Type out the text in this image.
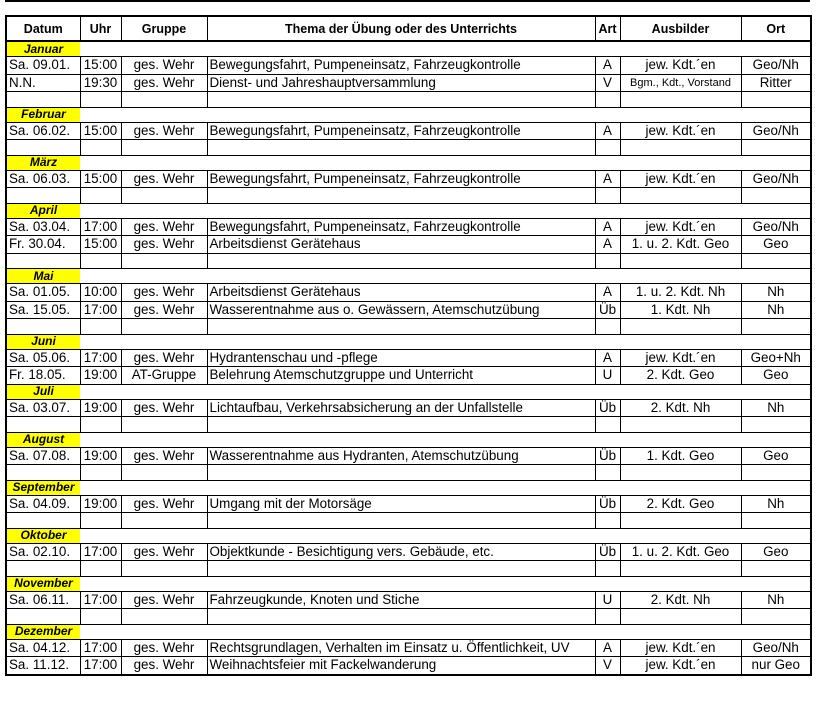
Datum	Uhr	Gruppe	Thema der Übung oder des Unterrichts	Art	Ausbilder	Ort
Januar						
Sa. 09.01.	15:00	ges. Wehr	Bewegungsfahrt, Pumpeneinsatz, Fahrzeugkontrolle	A	jew. Kdt.´en	Geo/Nh
N.N.	19:30	ges. Wehr	Dienst- und Jahreshauptversammlung	V	Bgm., Kdt., Vorstand	Ritter

Februar						
Sa. 06.02.	15:00	ges. Wehr	Bewegungsfahrt, Pumpeneinsatz, Fahrzeugkontrolle	A	jew. Kdt.´en	Geo/Nh

März						
Sa. 06.03.	15:00	ges. Wehr	Bewegungsfahrt, Pumpeneinsatz, Fahrzeugkontrolle	A	jew. Kdt.´en	Geo/Nh

April						
Sa. 03.04.	17:00	ges. Wehr	Bewegungsfahrt, Pumpeneinsatz, Fahrzeugkontrolle	A	jew. Kdt.´en	Geo/Nh
Fr. 30.04.	15:00	ges. Wehr	Arbeitsdienst Gerätehaus	A	1. u. 2. Kdt. Geo	Geo

Mai						
Sa. 01.05.	10:00	ges. Wehr	Arbeitsdienst Gerätehaus	A	1. u. 2. Kdt. Nh	Nh
Sa. 15.05.	17:00	ges. Wehr	Wasserentnahme aus o. Gewässern, Atemschutzübung	Üb	1. Kdt. Nh	Nh

Juni						
Sa. 05.06.	17:00	ges. Wehr	Hydrantenschau und -pflege	A	jew. Kdt.´en	Geo+Nh
Fr. 18.05.	19:00	AT-Gruppe	Belehrung Atemschutzgruppe und Unterricht	U	2. Kdt. Geo	Geo
Juli						
Sa. 03.07.	19:00	ges. Wehr	Lichtaufbau, Verkehrsabsicherung an der Unfallstelle	Üb	2. Kdt. Nh	Nh

August						
Sa. 07.08.	19:00	ges. Wehr	Wasserentnahme aus Hydranten, Atemschutzübung	Üb	1. Kdt. Geo	Geo

September						
Sa. 04.09.	19:00	ges. Wehr	Umgang mit der Motorsäge	Üb	2. Kdt. Geo	Nh

Oktober						
Sa. 02.10.	17:00	ges. Wehr	Objektkunde - Besichtigung vers. Gebäude, etc.	Üb	1. u. 2. Kdt. Geo	Geo

November						
Sa. 06.11.	17:00	ges. Wehr	Fahrzeugkunde, Knoten und Stiche	U	2. Kdt. Nh	Nh

Dezember						
Sa. 04.12.	17:00	ges. Wehr	Rechtsgrundlagen, Verhalten im Einsatz u. Öffentlichkeit, UV	A	jew. Kdt.´en	Geo/Nh
Sa. 11.12.	17:00	ges. Wehr	Weihnachtsfeier mit Fackelwanderung	V	jew. Kdt.´en	nur Geo
